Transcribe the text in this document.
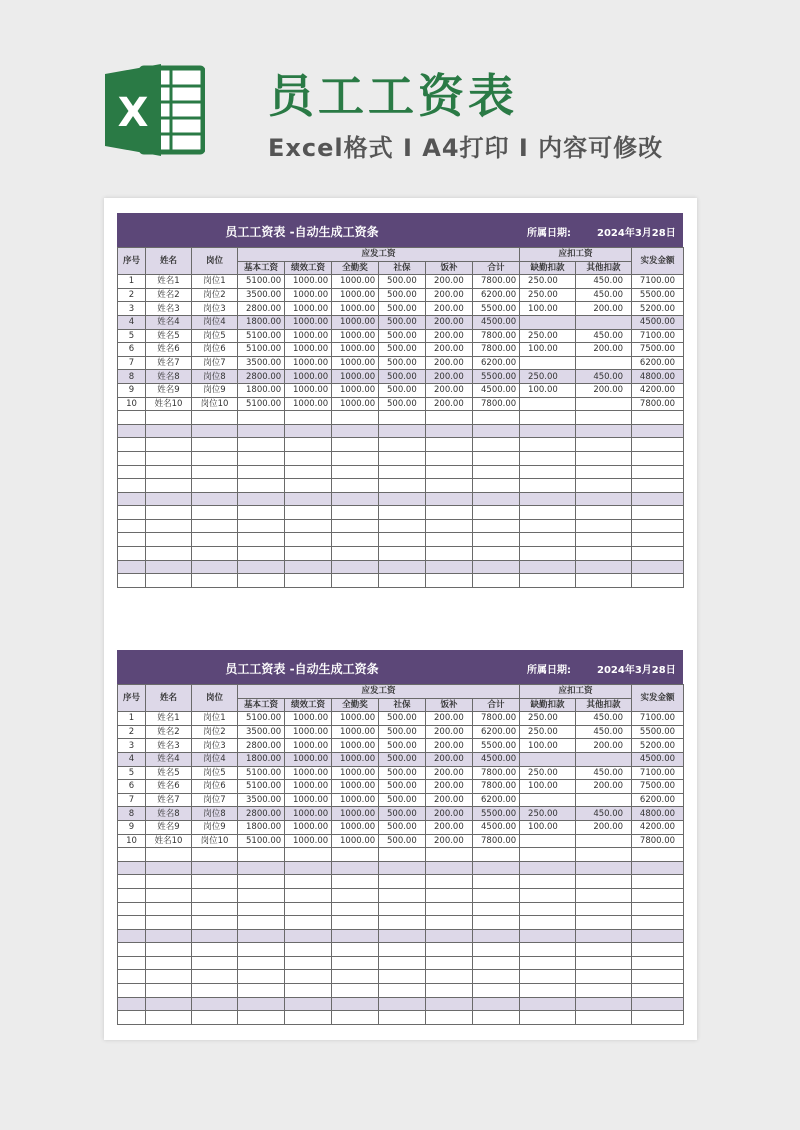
X	员工工资表
Excel格式 I A4打印 I 内容可修改
员工工资表 -自动生成工资条	所属日期:	2024年3月28日
序号	姓名	岗位	应发工资						应扣工资		实发金额
			基本工资	绩效工资	全勤奖	社保	饭补	合计	缺勤扣款	其他扣款	
1	姓名1	岗位1	5100.00	1000.00	1000.00	500.00	200.00	7800.00	250.00	450.00	7100.00
2	姓名2	岗位2	3500.00	1000.00	1000.00	500.00	200.00	6200.00	250.00	450.00	5500.00
3	姓名3	岗位3	2800.00	1000.00	1000.00	500.00	200.00	5500.00	100.00	200.00	5200.00
4	姓名4	岗位4	1800.00	1000.00	1000.00	500.00	200.00	4500.00			4500.00
5	姓名5	岗位5	5100.00	1000.00	1000.00	500.00	200.00	7800.00	250.00	450.00	7100.00
6	姓名6	岗位6	5100.00	1000.00	1000.00	500.00	200.00	7800.00	100.00	200.00	7500.00
7	姓名7	岗位7	3500.00	1000.00	1000.00	500.00	200.00	6200.00			6200.00
8	姓名8	岗位8	2800.00	1000.00	1000.00	500.00	200.00	5500.00	250.00	450.00	4800.00
9	姓名9	岗位9	1800.00	1000.00	1000.00	500.00	200.00	4500.00	100.00	200.00	4200.00
10	姓名10	岗位10	5100.00	1000.00	1000.00	500.00	200.00	7800.00			7800.00

员工工资表 -自动生成工资条	所属日期:	2024年3月28日
序号	姓名	岗位	应发工资						应扣工资		实发金额
			基本工资	绩效工资	全勤奖	社保	饭补	合计	缺勤扣款	其他扣款	
1	姓名1	岗位1	5100.00	1000.00	1000.00	500.00	200.00	7800.00	250.00	450.00	7100.00
2	姓名2	岗位2	3500.00	1000.00	1000.00	500.00	200.00	6200.00	250.00	450.00	5500.00
3	姓名3	岗位3	2800.00	1000.00	1000.00	500.00	200.00	5500.00	100.00	200.00	5200.00
4	姓名4	岗位4	1800.00	1000.00	1000.00	500.00	200.00	4500.00			4500.00
5	姓名5	岗位5	5100.00	1000.00	1000.00	500.00	200.00	7800.00	250.00	450.00	7100.00
6	姓名6	岗位6	5100.00	1000.00	1000.00	500.00	200.00	7800.00	100.00	200.00	7500.00
7	姓名7	岗位7	3500.00	1000.00	1000.00	500.00	200.00	6200.00			6200.00
8	姓名8	岗位8	2800.00	1000.00	1000.00	500.00	200.00	5500.00	250.00	450.00	4800.00
9	姓名9	岗位9	1800.00	1000.00	1000.00	500.00	200.00	4500.00	100.00	200.00	4200.00
10	姓名10	岗位10	5100.00	1000.00	1000.00	500.00	200.00	7800.00			7800.00
